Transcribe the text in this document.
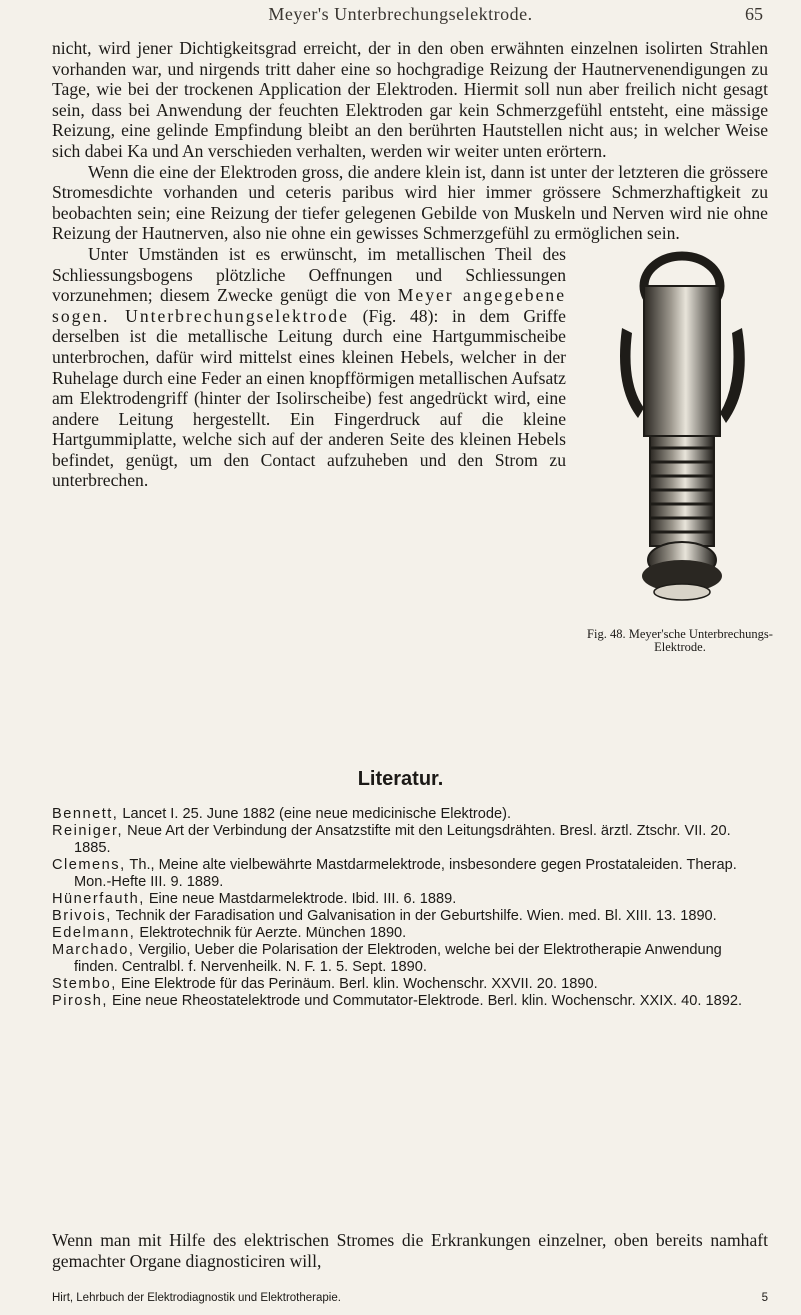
Meyer's Unterbrechungselektrode.	65

nicht, wird jener Dichtigkeitsgrad erreicht, der in den oben erwähnten einzelnen isolirten Strahlen vorhanden war, und nirgends tritt daher eine so hochgradige Reizung der Hautnervenendigungen zu Tage, wie bei der trockenen Application der Elektroden. Hiermit soll nun aber freilich nicht gesagt sein, dass bei Anwendung der feuchten Elektroden gar kein Schmerzgefühl entsteht, eine mässige Reizung, eine gelinde Empfindung bleibt an den berührten Hautstellen nicht aus; in welcher Weise sich dabei Ka und An verschieden verhalten, werden wir weiter unten erörtern.

Wenn die eine der Elektroden gross, die andere klein ist, dann ist unter der letzteren die grössere Stromesdichte vorhanden und ceteris paribus wird hier immer grössere Schmerzhaftigkeit zu beobachten sein; eine Reizung der tiefer gelegenen Gebilde von Muskeln und Nerven wird nie ohne Reizung der Hautnerven, also nie ohne ein gewisses Schmerzgefühl zu ermöglichen sein.

Fig. 48. Meyer'sche Unterbrechungs-Elektrode.

Unter Umständen ist es erwünscht, im metallischen Theil des Schliessungsbogens plötzliche Oeffnungen und Schliessungen vorzunehmen; diesem Zwecke genügt die von Meyer angegebene sogen. Unterbrechungselektrode (Fig. 48): in dem Griffe derselben ist die metallische Leitung durch eine Hartgummischeibe unterbrochen, dafür wird mittelst eines kleinen Hebels, welcher in der Ruhelage durch eine Feder an einen knopfförmigen metallischen Aufsatz am Elektrodengriff (hinter der Isolirscheibe) fest angedrückt wird, eine andere Leitung hergestellt. Ein Fingerdruck auf die kleine Hartgummiplatte, welche sich auf der anderen Seite des kleinen Hebels befindet, genügt, um den Contact aufzuheben und den Strom zu unterbrechen.

Literatur.

Bennett, Lancet I. 25. June 1882 (eine neue medicinische Elektrode).

Reiniger, Neue Art der Verbindung der Ansatzstifte mit den Leitungsdrähten. Bresl. ärztl. Ztschr. VII. 20. 1885.

Clemens, Th., Meine alte vielbewährte Mastdarmelektrode, insbesondere gegen Prostataleiden. Therap. Mon.-Hefte III. 9. 1889.

Hünerfauth, Eine neue Mastdarmelektrode. Ibid. III. 6. 1889.

Brivois, Technik der Faradisation und Galvanisation in der Geburtshilfe. Wien. med. Bl. XIII. 13. 1890.

Edelmann, Elektrotechnik für Aerzte. München 1890.

Marchado, Vergilio, Ueber die Polarisation der Elektroden, welche bei der Elektrotherapie Anwendung finden. Centralbl. f. Nervenheilk. N. F. 1. 5. Sept. 1890.

Stembo, Eine Elektrode für das Perinäum. Berl. klin. Wochenschr. XXVII. 20. 1890.

Pirosh, Eine neue Rheostatelektrode und Commutator-Elektrode. Berl. klin. Wochenschr. XXIX. 40. 1892.

Wenn man mit Hilfe des elektrischen Stromes die Erkrankungen einzelner, oben bereits namhaft gemachter Organe diagnosticiren will,
Hirt, Lehrbuch der Elektrodiagnostik und Elektrotherapie.	5
